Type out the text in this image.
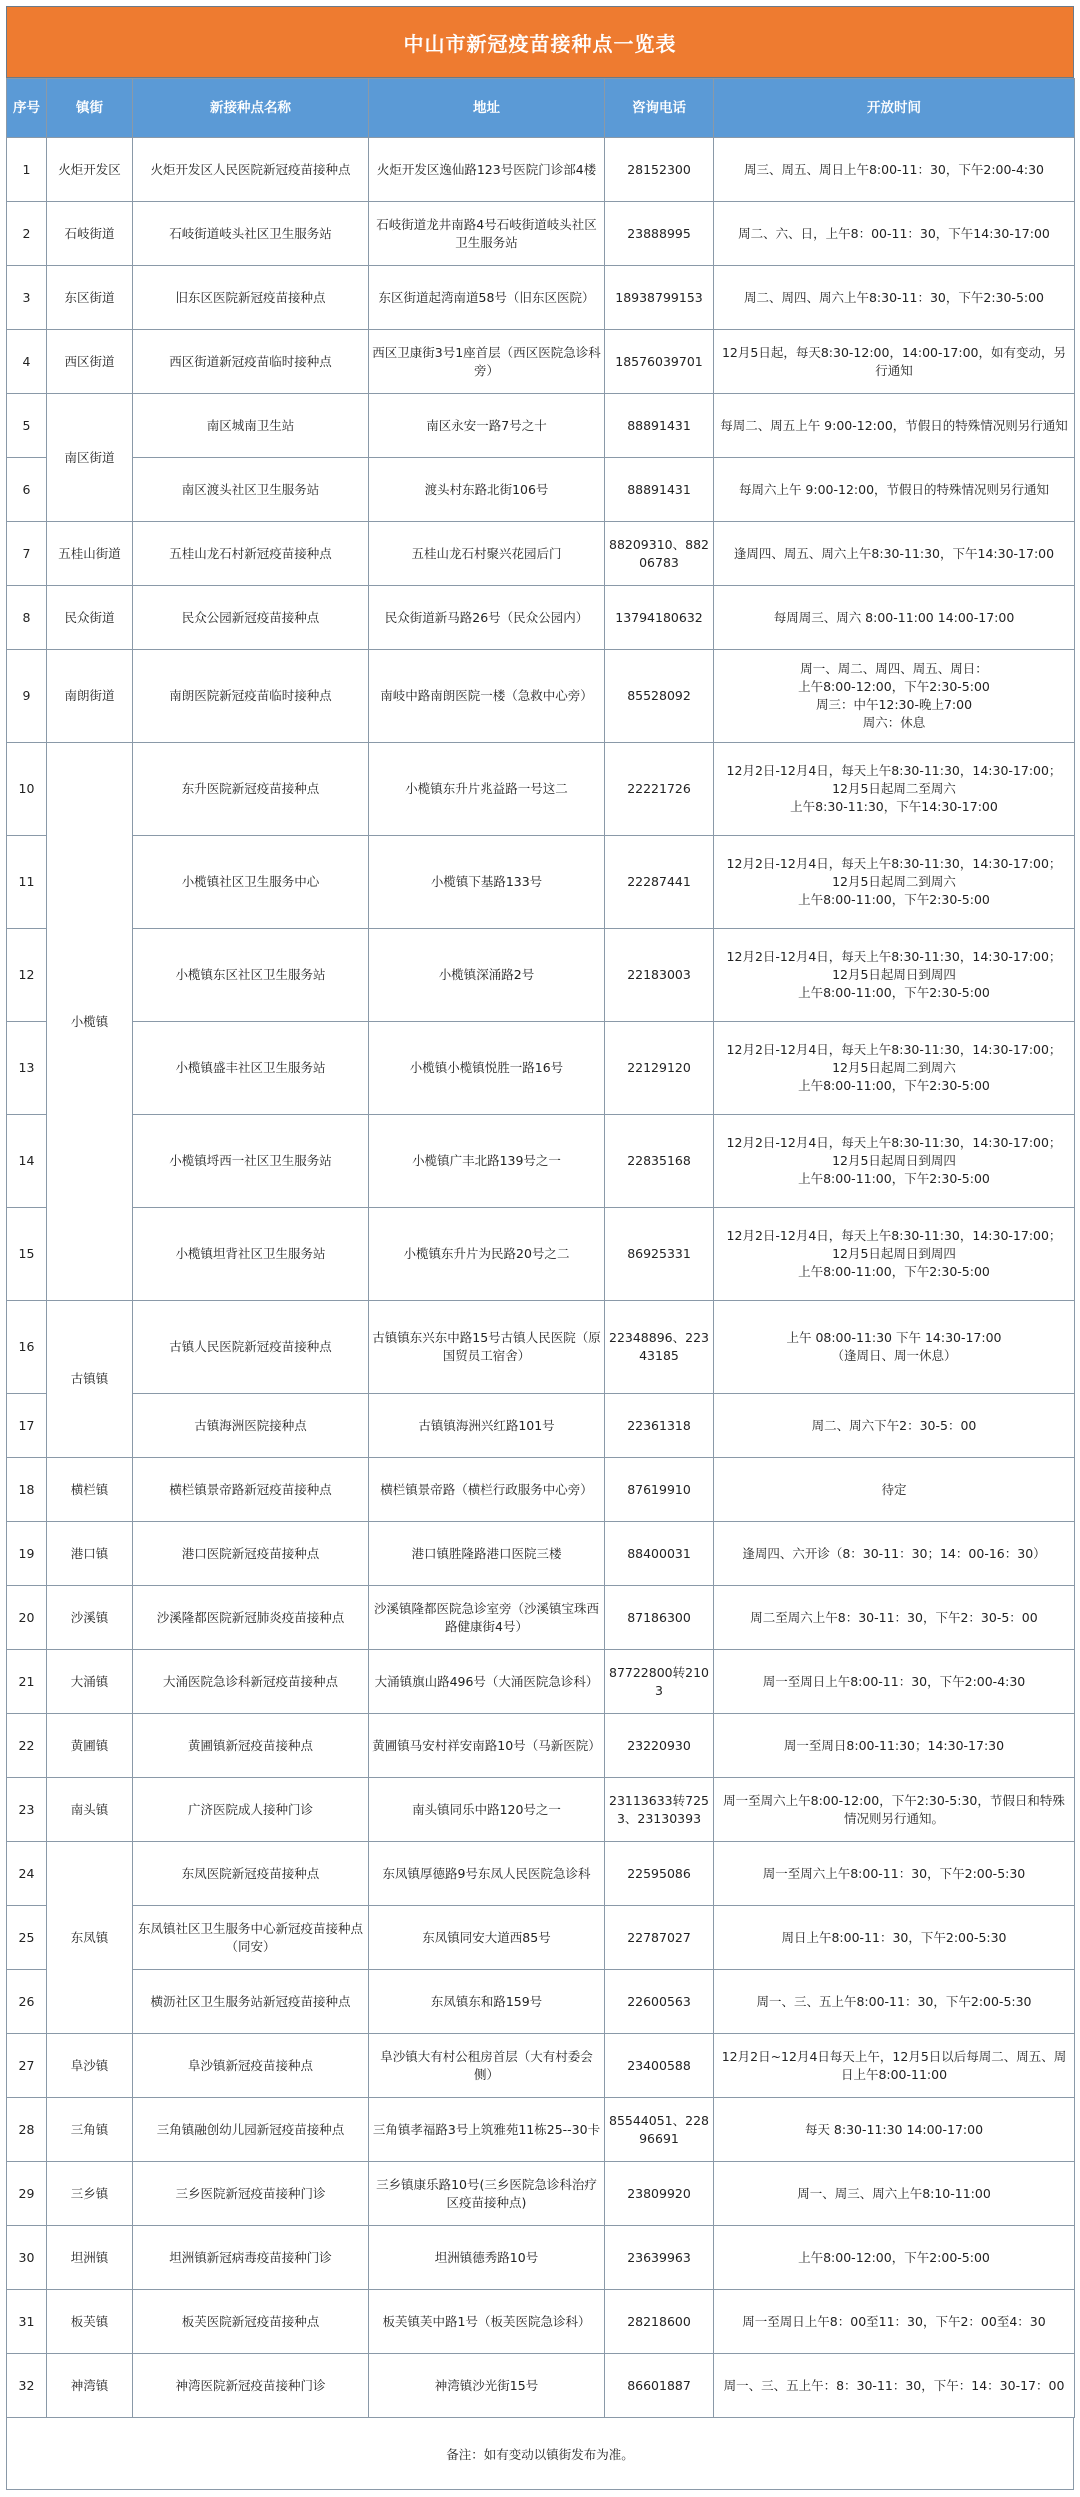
中山市新冠疫苗接种点一览表
序号	镇街	新接种点名称	地址	咨询电话	开放时间
1	火炬开发区	火炬开发区人民医院新冠疫苗接种点	火炬开发区逸仙路123号医院门诊部4楼	28152300	周三、周五、周日上午8:00-11：30，下午2:00-4:30
2	石岐街道	石岐街道岐头社区卫生服务站	石岐街道龙井南路4号石岐街道岐头社区卫生服务站	23888995	周二、六、日，上午8：00-11：30，下午14:30-17:00
3	东区街道	旧东区医院新冠疫苗接种点	东区街道起湾南道58号（旧东区医院）	18938799153	周二、周四、周六上午8:30-11：30，下午2:30-5:00
4	西区街道	西区街道新冠疫苗临时接种点	西区卫康街3号1座首层（西区医院急诊科旁）	18576039701	12月5日起，每天8:30-12:00，14:00-17:00，如有变动，另行通知
5	南区街道	南区城南卫生站	南区永安一路7号之十	88891431	每周二、周五上午 9:00-12:00，节假日的特殊情况则另行通知
6		南区渡头社区卫生服务站	渡头村东路北街106号	88891431	每周六上午 9:00-12:00，节假日的特殊情况则另行通知
7	五桂山街道	五桂山龙石村新冠疫苗接种点	五桂山龙石村聚兴花园后门	88209310、88206783	逢周四、周五、周六上午8:30-11:30，下午14:30-17:00
8	民众街道	民众公园新冠疫苗接种点	民众街道新马路26号（民众公园内）	13794180632	每周周三、周六 8:00-11:00 14:00-17:00
9	南朗街道	南朗医院新冠疫苗临时接种点	南岐中路南朗医院一楼（急救中心旁）	85528092	周一、周二、周四、周五、周日：
上午8:00-12:00，下午2:30-5:00
周三：中午12:30-晚上7:00
周六：休息
10	小榄镇	东升医院新冠疫苗接种点	小榄镇东升片兆益路一号这二	22221726	12月2日-12月4日，每天上午8:30-11:30，14:30-17:00；
12月5日起周二至周六
上午8:30-11:30，下午14:30-17:00
11		小榄镇社区卫生服务中心	小榄镇下基路133号	22287441	12月2日-12月4日，每天上午8:30-11:30，14:30-17:00；
12月5日起周二到周六
上午8:00-11:00，下午2:30-5:00
12		小榄镇东区社区卫生服务站	小榄镇深涌路2号	22183003	12月2日-12月4日，每天上午8:30-11:30，14:30-17:00；
12月5日起周日到周四
上午8:00-11:00，下午2:30-5:00
13		小榄镇盛丰社区卫生服务站	小榄镇小榄镇悦胜一路16号	22129120	12月2日-12月4日，每天上午8:30-11:30，14:30-17:00；
12月5日起周二到周六
上午8:00-11:00，下午2:30-5:00
14		小榄镇埒西一社区卫生服务站	小榄镇广丰北路139号之一	22835168	12月2日-12月4日，每天上午8:30-11:30，14:30-17:00；
12月5日起周日到周四
上午8:00-11:00，下午2:30-5:00
15		小榄镇坦背社区卫生服务站	小榄镇东升片为民路20号之二	86925331	12月2日-12月4日，每天上午8:30-11:30，14:30-17:00；
12月5日起周日到周四
上午8:00-11:00，下午2:30-5:00
16	古镇镇	古镇人民医院新冠疫苗接种点	古镇镇东兴东中路15号古镇人民医院（原国贸员工宿舍）	22348896、22343185	上午 08:00-11:30 下午 14:30-17:00
（逢周日、周一休息）
17		古镇海洲医院接种点	古镇镇海洲兴红路101号	22361318	周二、周六下午2：30-5：00
18	横栏镇	横栏镇景帝路新冠疫苗接种点	横栏镇景帝路（横栏行政服务中心旁）	87619910	待定
19	港口镇	港口医院新冠疫苗接种点	港口镇胜隆路港口医院三楼	88400031	逢周四、六开诊（8：30-11：30；14：00-16：30）
20	沙溪镇	沙溪隆都医院新冠肺炎疫苗接种点	沙溪镇隆都医院急诊室旁（沙溪镇宝珠西路健康街4号）	87186300	周二至周六上午8：30-11：30，下午2：30-5：00
21	大涌镇	大涌医院急诊科新冠疫苗接种点	大涌镇旗山路496号（大涌医院急诊科）	87722800转2103	周一至周日上午8:00-11：30，下午2:00-4:30
22	黄圃镇	黄圃镇新冠疫苗接种点	黄圃镇马安村祥安南路10号（马新医院）	23220930	周一至周日8:00-11:30；14:30-17:30
23	南头镇	广济医院成人接种门诊	南头镇同乐中路120号之一	23113633转7253、23130393	周一至周六上午8:00-12:00，下午2:30-5:30，节假日和特殊情况则另行通知。
24	东凤镇	东凤医院新冠疫苗接种点	东凤镇厚德路9号东凤人民医院急诊科	22595086	周一至周六上午8:00-11：30，下午2:00-5:30
25		东凤镇社区卫生服务中心新冠疫苗接种点（同安）	东凤镇同安大道西85号	22787027	周日上午8:00-11：30，下午2:00-5:30
26		横沥社区卫生服务站新冠疫苗接种点	东凤镇东和路159号	22600563	周一、三、五上午8:00-11：30，下午2:00-5:30
27	阜沙镇	阜沙镇新冠疫苗接种点	阜沙镇大有村公租房首层（大有村委会侧）	23400588	12月2日~12月4日每天上午，12月5日以后每周二、周五、周日上午8:00-11:00
28	三角镇	三角镇融创幼儿园新冠疫苗接种点	三角镇孝福路3号上筑雅苑11栋25--30卡	85544051、22896691	每天 8:30-11:30 14:00-17:00
29	三乡镇	三乡医院新冠疫苗接种门诊	三乡镇康乐路10号(三乡医院急诊科治疗区疫苗接种点)	23809920	周一、周三、周六上午8:10-11:00
30	坦洲镇	坦洲镇新冠病毒疫苗接种门诊	坦洲镇德秀路10号	23639963	上午8:00-12:00，下午2:00-5:00
31	板芙镇	板芙医院新冠疫苗接种点	板芙镇芙中路1号（板芙医院急诊科）	28218600	周一至周日上午8：00至11：30，下午2：00至4：30
32	神湾镇	神湾医院新冠疫苗接种门诊	神湾镇沙光街15号	86601887	周一、三、五上午：8：30-11：30，下午：14：30-17：00
备注：如有变动以镇街发布为准。
